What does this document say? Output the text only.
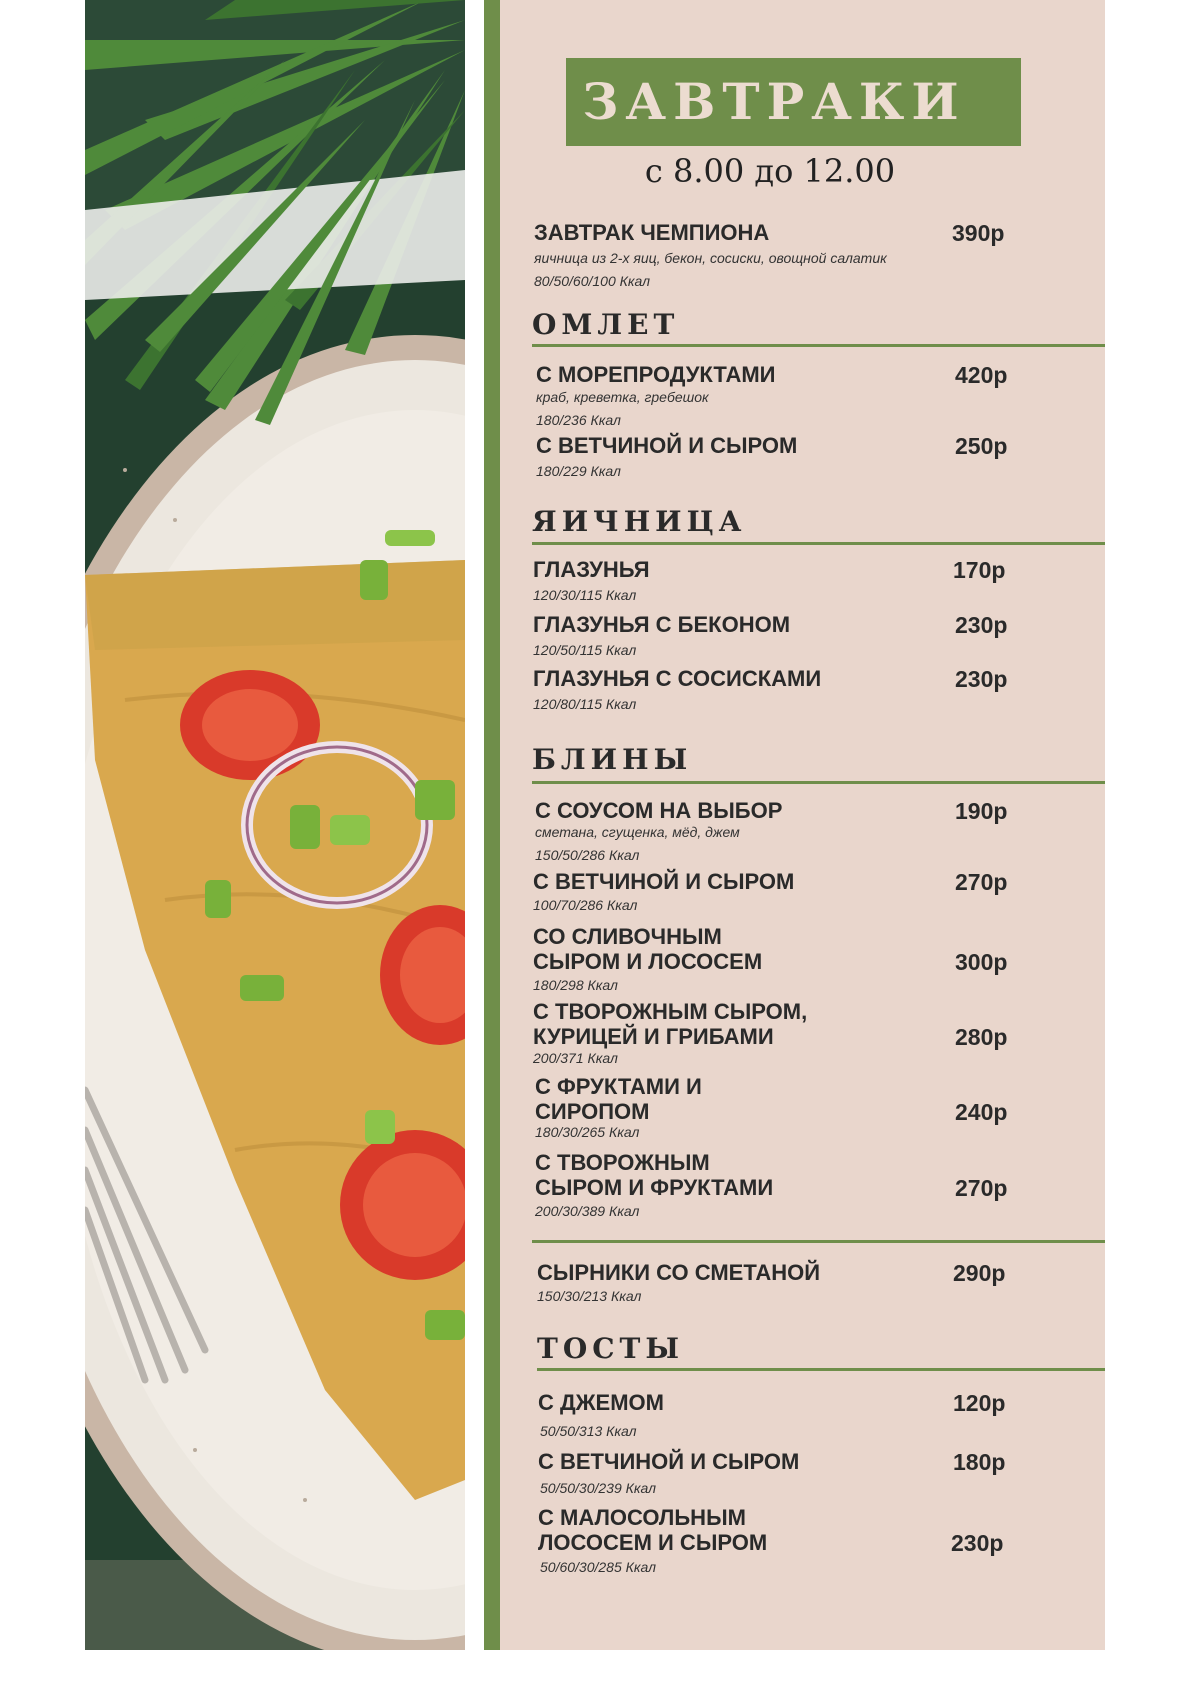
ЗАВТРАКИ
с 8.00 до 12.00
ЗАВТРАК ЧЕМПИОНА	390р
яичница из 2-х яиц, бекон, сосиски, овощной салатик
80/50/60/100 Ккал
ОМЛЕТ
С МОРЕПРОДУКТАМИ	420р
краб, креветка, гребешок
180/236 Ккал
С ВЕТЧИНОЙ И СЫРОМ	250р
180/229 Ккал
ЯИЧНИЦА
ГЛАЗУНЬЯ	170р
120/30/115 Ккал
ГЛАЗУНЬЯ С БЕКОНОМ	230р
120/50/115 Ккал
ГЛАЗУНЬЯ С СОСИСКАМИ	230р
120/80/115 Ккал
БЛИНЫ
С СОУСОМ НА ВЫБОР	190р
сметана, сгущенка, мёд, джем
150/50/286 Ккал
С ВЕТЧИНОЙ И СЫРОМ	270р
100/70/286 Ккал
СО СЛИВОЧНЫМ
СЫРОМ И ЛОСОСЕМ	300р
180/298 Ккал
С ТВОРОЖНЫМ СЫРОМ,
КУРИЦЕЙ И ГРИБАМИ	280р
200/371 Ккал
С ФРУКТАМИ И
СИРОПОМ	240р
180/30/265 Ккал
С ТВОРОЖНЫМ
СЫРОМ И ФРУКТАМИ	270р
200/30/389 Ккал
СЫРНИКИ СО СМЕТАНОЙ	290р
150/30/213 Ккал
ТОСТЫ
С ДЖЕМОМ	120р
50/50/313 Ккал
С ВЕТЧИНОЙ И СЫРОМ	180р
50/50/30/239 Ккал
С МАЛОСОЛЬНЫМ
ЛОСОСЕМ И СЫРОМ	230р
50/60/30/285 Ккал
